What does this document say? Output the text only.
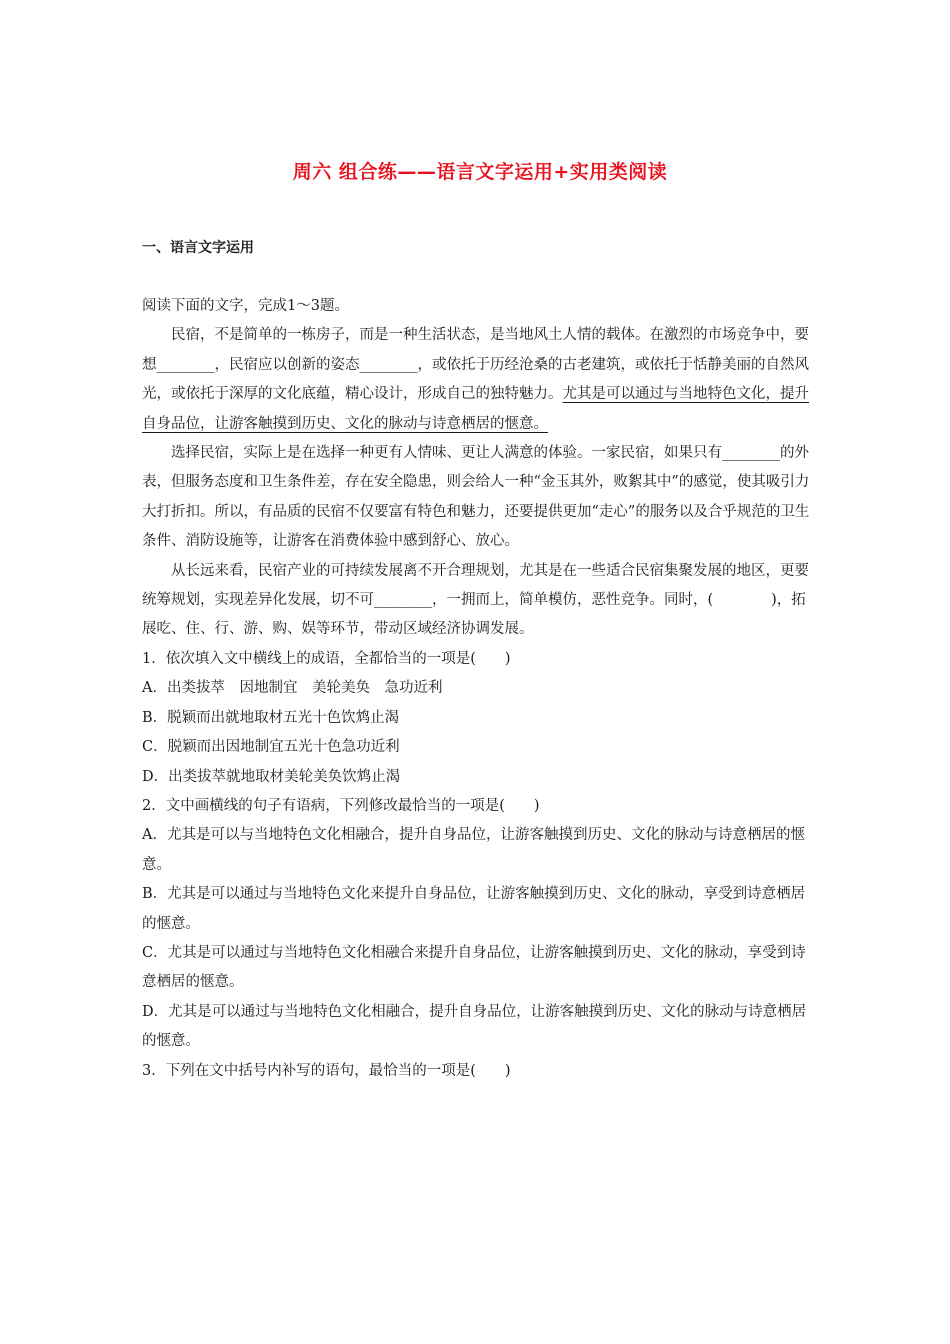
周六 组合练——语言文字运用+实用类阅读
一、语言文字运用

阅读下面的文字，完成1～3题。

民宿，不是简单的一栋房子，而是一种生活状态，是当地风土人情的载体。在激烈的市场竞争中，要想________，民宿应以创新的姿态________，或依托于历经沧桑的古老建筑，或依托于恬静美丽的自然风光，或依托于深厚的文化底蕴，精心设计，形成自己的独特魅力。尤其是可以通过与当地特色文化，提升自身品位，让游客触摸到历史、文化的脉动与诗意栖居的惬意。

选择民宿，实际上是在选择一种更有人情味、更让人满意的体验。一家民宿，如果只有________的外表，但服务态度和卫生条件差，存在安全隐患，则会给人一种“金玉其外，败絮其中”的感觉，使其吸引力大打折扣。所以，有品质的民宿不仅要富有特色和魅力，还要提供更加“走心”的服务以及合乎规范的卫生条件、消防设施等，让游客在消费体验中感到舒心、放心。

从长远来看，民宿产业的可持续发展离不开合理规划，尤其是在一些适合民宿集聚发展的地区，更要统筹规划，实现差异化发展，切不可________，一拥而上，简单模仿，恶性竞争。同时，(　　　　)，拓展吃、住、行、游、购、娱等环节，带动区域经济协调发展。

1．依次填入文中横线上的成语，全都恰当的一项是(　　)

A．出类拔萃　因地制宜　美轮美奂　急功近利

B．脱颖而出就地取材五光十色饮鸩止渴

C．脱颖而出因地制宜五光十色急功近利

D．出类拔萃就地取材美轮美奂饮鸩止渴

2．文中画横线的句子有语病，下列修改最恰当的一项是(　　)

A．尤其是可以与当地特色文化相融合，提升自身品位，让游客触摸到历史、文化的脉动与诗意栖居的惬意。

B．尤其是可以通过与当地特色文化来提升自身品位，让游客触摸到历史、文化的脉动，享受到诗意栖居的惬意。

C．尤其是可以通过与当地特色文化相融合来提升自身品位，让游客触摸到历史、文化的脉动，享受到诗意栖居的惬意。

D．尤其是可以通过与当地特色文化相融合，提升自身品位，让游客触摸到历史、文化的脉动与诗意栖居的惬意。

3．下列在文中括号内补写的语句，最恰当的一项是(　　)
